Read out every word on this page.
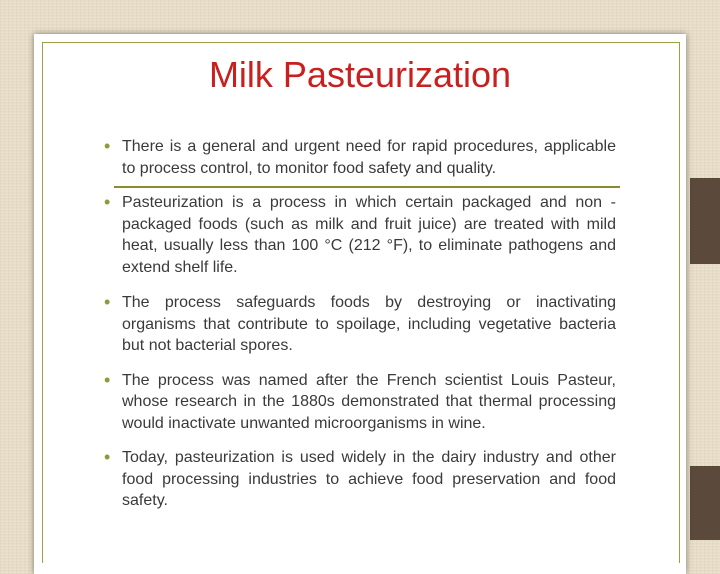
Milk Pasteurization
• There is a general and urgent need for rapid procedures, applicable to process control, to monitor food safety and quality.
• Pasteurization is a process in which certain packaged and non -packaged foods (such as milk and fruit juice) are treated with mild heat, usually less than 100 °C (212 °F), to eliminate pathogens and extend shelf life.
• The process safeguards foods by destroying or inactivating organisms that contribute to spoilage, including vegetative bacteria but not bacterial spores.
• The process was named after the French scientist Louis Pasteur, whose research in the 1880s demonstrated that thermal processing would inactivate unwanted microorganisms in wine.
• Today, pasteurization is used widely in the dairy industry and other food processing industries to achieve food preservation and food safety.
